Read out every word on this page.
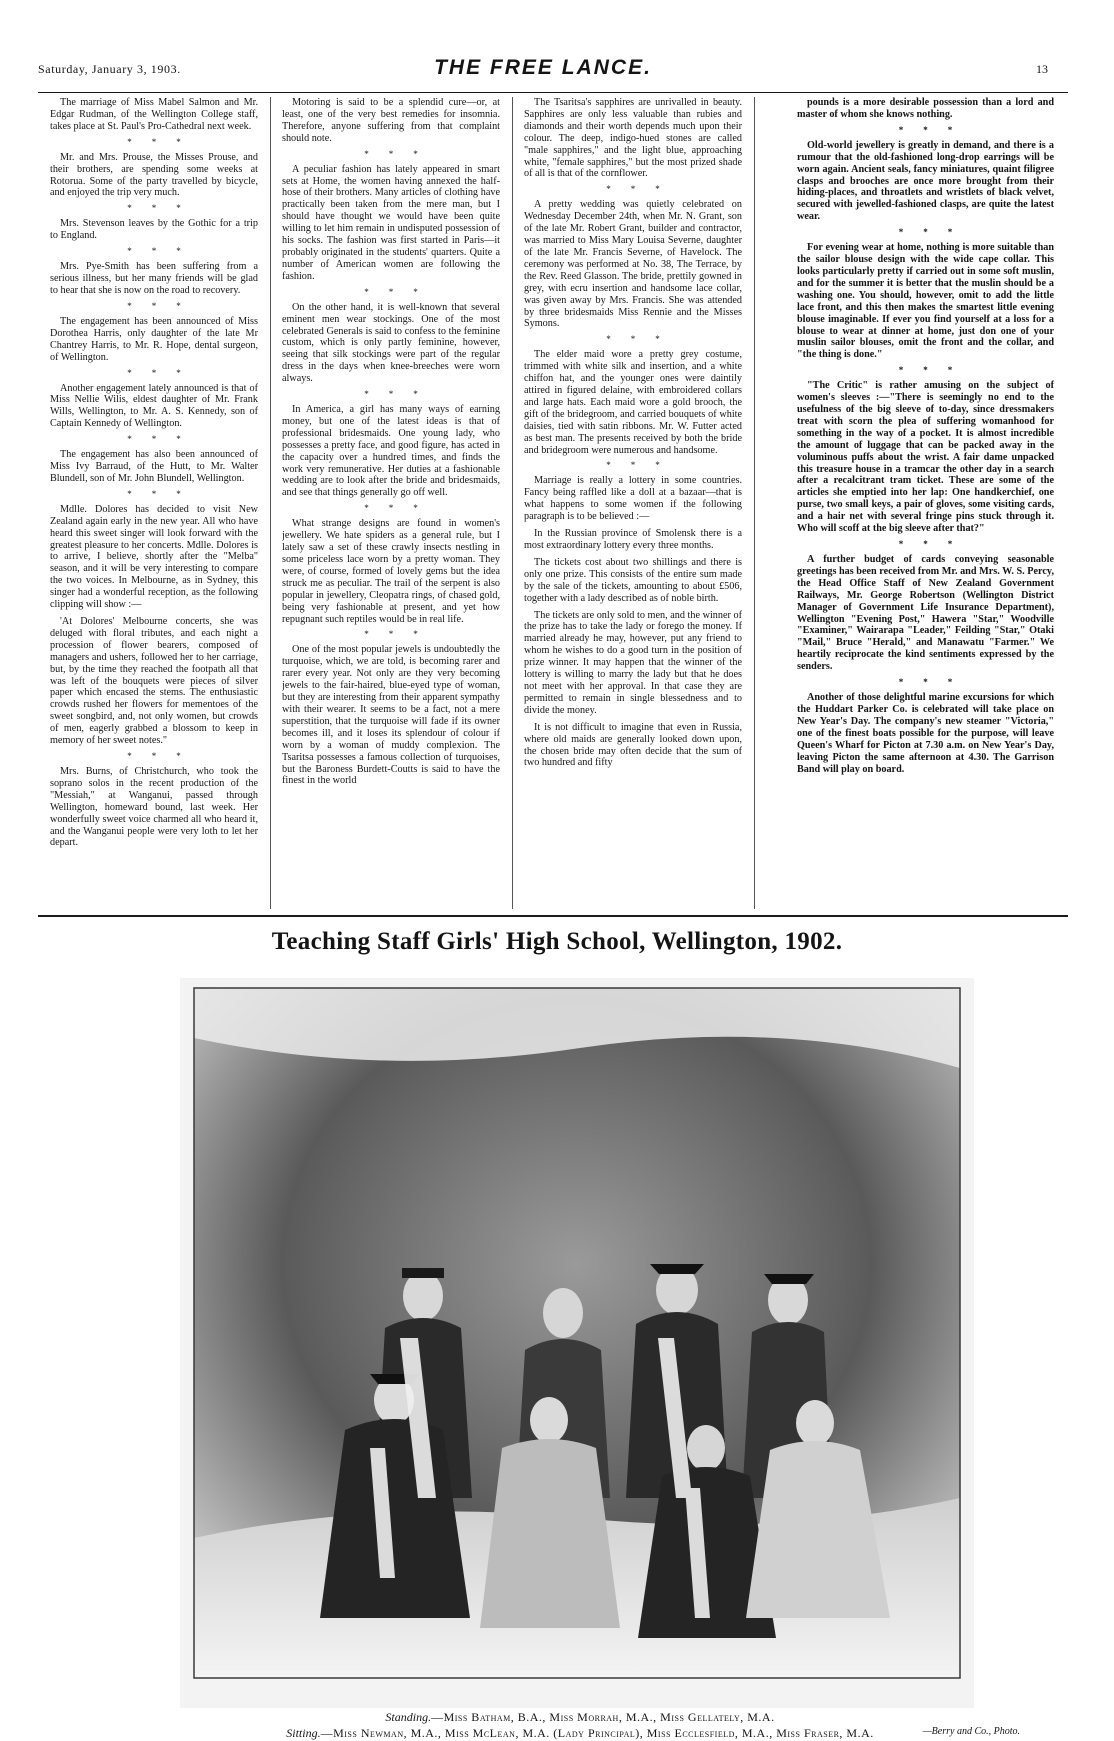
Saturday, January 3, 1903.	THE FREE LANCE.	13

The marriage of Miss Mabel Salmon and Mr. Edgar Rudman, of the Wellington College staff, takes place at St. Paul's Pro-Cathedral next week.

***

Mr. and Mrs. Prouse, the Misses Prouse, and their brothers, are spending some weeks at Rotorua. Some of the party travelled by bicycle, and enjoyed the trip very much.

***

Mrs. Stevenson leaves by the Gothic for a trip to England.

***

Mrs. Pye-Smith has been suffering from a serious illness, but her many friends will be glad to hear that she is now on the road to recovery.

***

The engagement has been announced of Miss Dorothea Harris, only daughter of the late Mr Chantrey Harris, to Mr. R. Hope, dental surgeon, of Wellington.

***

Another engagement lately announced is that of Miss Nellie Wilis, eldest daughter of Mr. Frank Wills, Wellington, to Mr. A. S. Kennedy, son of Captain Kennedy of Wellington.

***

The engagement has also been announced of Miss Ivy Barraud, of the Hutt, to Mr. Walter Blundell, son of Mr. John Blundell, Wellington.

***

Mdlle. Dolores has decided to visit New Zealand again early in the new year. All who have heard this sweet singer will look forward with the greatest pleasure to her concerts. Mdlle. Dolores is to arrive, I believe, shortly after the "Melba" season, and it will be very interesting to compare the two voices. In Melbourne, as in Sydney, this singer had a wonderful reception, as the following clipping will show :—

'At Dolores' Melbourne concerts, she was deluged with floral tributes, and each night a procession of flower bearers, composed of managers and ushers, followed her to her carriage, but, by the time they reached the footpath all that was left of the bouquets were pieces of silver paper which encased the stems. The enthusiastic crowds rushed her flowers for mementoes of the sweet songbird, and, not only women, but crowds of men, eagerly grabbed a blossom to keep in memory of her sweet notes."

***

Mrs. Burns, of Christchurch, who took the soprano solos in the recent production of the "Messiah," at Wanganui, passed through Wellington, homeward bound, last week. Her wonderfully sweet voice charmed all who heard it, and the Wanganui people were very loth to let her depart.

Motoring is said to be a splendid cure—or, at least, one of the very best remedies for insomnia. Therefore, anyone suffering from that complaint should note.

***

A peculiar fashion has lately appeared in smart sets at Home, the women having annexed the half-hose of their brothers. Many articles of clothing have practically been taken from the mere man, but I should have thought we would have been quite willing to let him remain in undisputed possession of his socks. The fashion was first started in Paris—it probably originated in the students' quarters. Quite a number of American women are following the fashion.

***

On the other hand, it is well-known that several eminent men wear stockings. One of the most celebrated Generals is said to confess to the feminine custom, which is only partly feminine, however, seeing that silk stockings were part of the regular dress in the days when knee-breeches were worn always.

***

In America, a girl has many ways of earning money, but one of the latest ideas is that of professional bridesmaids. One young lady, who possesses a pretty face, and good figure, has acted in the capacity over a hundred times, and finds the work very remunerative. Her duties at a fashionable wedding are to look after the bride and bridesmaids, and see that things generally go off well.

***

What strange designs are found in women's jewellery. We hate spiders as a general rule, but I lately saw a set of these crawly insects nestling in some priceless lace worn by a pretty woman. They were, of course, formed of lovely gems but the idea struck me as peculiar. The trail of the serpent is also popular in jewellery, Cleopatra rings, of chased gold, being very fashionable at present, and yet how repugnant such reptiles would be in real life.

***

One of the most popular jewels is undoubtedly the turquoise, which, we are told, is becoming rarer and rarer every year. Not only are they very becoming jewels to the fair-haired, blue-eyed type of woman, but they are interesting from their apparent sympathy with their wearer. It seems to be a fact, not a mere superstition, that the turquoise will fade if its owner becomes ill, and it loses its splendour of colour if worn by a woman of muddy complexion. The Tsaritsa possesses a famous collection of turquoises, but the Baroness Burdett-Coutts is said to have the finest in the world

The Tsaritsa's sapphires are unrivalled in beauty. Sapphires are only less valuable than rubies and diamonds and their worth depends much upon their colour. The deep, indigo-hued stones are called "male sapphires," and the light blue, approaching white, "female sapphires," but the most prized shade of all is that of the cornflower.

***

A pretty wedding was quietly celebrated on Wednesday December 24th, when Mr. N. Grant, son of the late Mr. Robert Grant, builder and contractor, was married to Miss Mary Louisa Severne, daughter of the late Mr. Francis Severne, of Havelock. The ceremony was performed at No. 38, The Terrace, by the Rev. Reed Glasson. The bride, prettily gowned in grey, with ecru insertion and handsome lace collar, was given away by Mrs. Francis. She was attended by three bridesmaids Miss Rennie and the Misses Symons.

***

The elder maid wore a pretty grey costume, trimmed with white silk and insertion, and a white chiffon hat, and the younger ones were daintily attired in figured delaine, with embroidered collars and large hats. Each maid wore a gold brooch, the gift of the bridegroom, and carried bouquets of white daisies, tied with satin ribbons. Mr. W. Futter acted as best man. The presents received by both the bride and bridegroom were numerous and handsome.

***

Marriage is really a lottery in some countries. Fancy being raffled like a doll at a bazaar—that is what happens to some women if the following paragraph is to be believed :—

In the Russian province of Smolensk there is a most extraordinary lottery every three months.

The tickets cost about two shillings and there is only one prize. This consists of the entire sum made by the sale of the tickets, amounting to about £506, together with a lady described as of noble birth.

The tickets are only sold to men, and the winner of the prize has to take the lady or forego the money. If married already he may, however, put any friend to whom he wishes to do a good turn in the position of prize winner. It may happen that the winner of the lottery is willing to marry the lady but that he does not meet with her approval. In that case they are permitted to remain in single blessedness and to divide the money.

It is not difficult to imagine that even in Russia, where old maids are generally looked down upon, the chosen bride may often decide that the sum of two hundred and fifty

pounds is a more desirable possession than a lord and master of whom she knows nothing.

***

Old-world jewellery is greatly in demand, and there is a rumour that the old-fashioned long-drop earrings will be worn again. Ancient seals, fancy miniatures, quaint filigree clasps and brooches are once more brought from their hiding-places, and throatlets and wristlets of black velvet, secured with jewelled-fashioned clasps, are quite the latest wear.

***

For evening wear at home, nothing is more suitable than the sailor blouse design with the wide cape collar. This looks particularly pretty if carried out in some soft muslin, and for the summer it is better that the muslin should be a washing one. You should, however, omit to add the little lace front, and this then makes the smartest little evening blouse imaginable. If ever you find yourself at a loss for a blouse to wear at dinner at home, just don one of your muslin sailor blouses, omit the front and the collar, and "the thing is done."

***

"The Critic" is rather amusing on the subject of women's sleeves :—"There is seemingly no end to the usefulness of the big sleeve of to-day, since dressmakers treat with scorn the plea of suffering womanhood for something in the way of a pocket. It is almost incredible the amount of luggage that can be packed away in the voluminous puffs about the wrist. A fair dame unpacked this treasure house in a tramcar the other day in a search after a recalcitrant tram ticket. These are some of the articles she emptied into her lap: One handkerchief, one purse, two small keys, a pair of gloves, some visiting cards, and a hair net with several fringe pins stuck through it. Who will scoff at the big sleeve after that?"

***

A further budget of cards conveying seasonable greetings has been received from Mr. and Mrs. W. S. Percy, the Head Office Staff of New Zealand Government Railways, Mr. George Robertson (Wellington District Manager of Government Life Insurance Department), Wellington "Evening Post," Hawera "Star," Woodville "Examiner," Wairarapa "Leader," Feilding "Star," Otaki "Mail," Bruce "Herald," and Manawatu "Farmer." We heartily reciprocate the kind sentiments expressed by the senders.

***

Another of those delightful marine excursions for which the Huddart Parker Co. is celebrated will take place on New Year's Day. The company's new steamer "Victoria," one of the finest boats possible for the purpose, will leave Queen's Wharf for Picton at 7.30 a.m. on New Year's Day, leaving Picton the same afternoon at 4.30. The Garrison Band will play on board.

Teaching Staff Girls' High School, Wellington, 1902.
Standing.—Miss Batham, B.A., Miss Morrah, M.A., Miss Gellately, M.A.
Sitting.—Miss Newman, M.A., Miss McLean, M.A. (Lady Principal), Miss Ecclesfield, M.A., Miss Fraser, M.A.	—Berry and Co., Photo.
